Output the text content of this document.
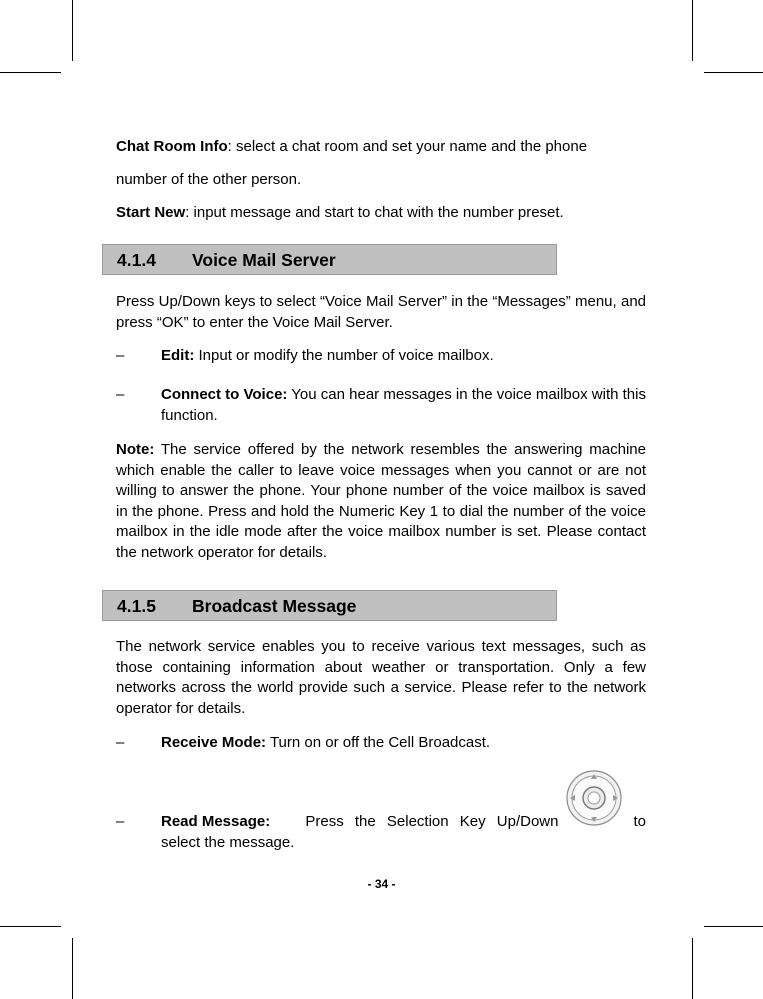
Chat Room Info: select a chat room and set your name and the phone

number of the other person.

Start New: input message and start to chat with the number preset.

4.1.4 Voice Mail Server

Press Up/Down keys to select “Voice Mail Server” in the “Messages” menu, and press “OK” to enter the Voice Mail Server.

– Edit: Input or modify the number of voice mailbox.
– Connect to Voice: You can hear messages in the voice mailbox with this function.

Note: The service offered by the network resembles the answering machine which enable the caller to leave voice messages when you cannot or are not willing to answer the phone. Your phone number of the voice mailbox is saved in the phone. Press and hold the Numeric Key 1 to dial the number of the voice mailbox in the idle mode after the voice mailbox number is set. Please contact the network operator for details.

4.1.5 Broadcast Message

The network service enables you to receive various text messages, such as those containing information about weather or transportation. Only a few networks across the world provide such a service. Please refer to the network operator for details.

– Receive Mode: Turn on or off the Cell Broadcast.
– Read Message: Press the Selection Key Up/Down	to
select the message.
- 34 -
